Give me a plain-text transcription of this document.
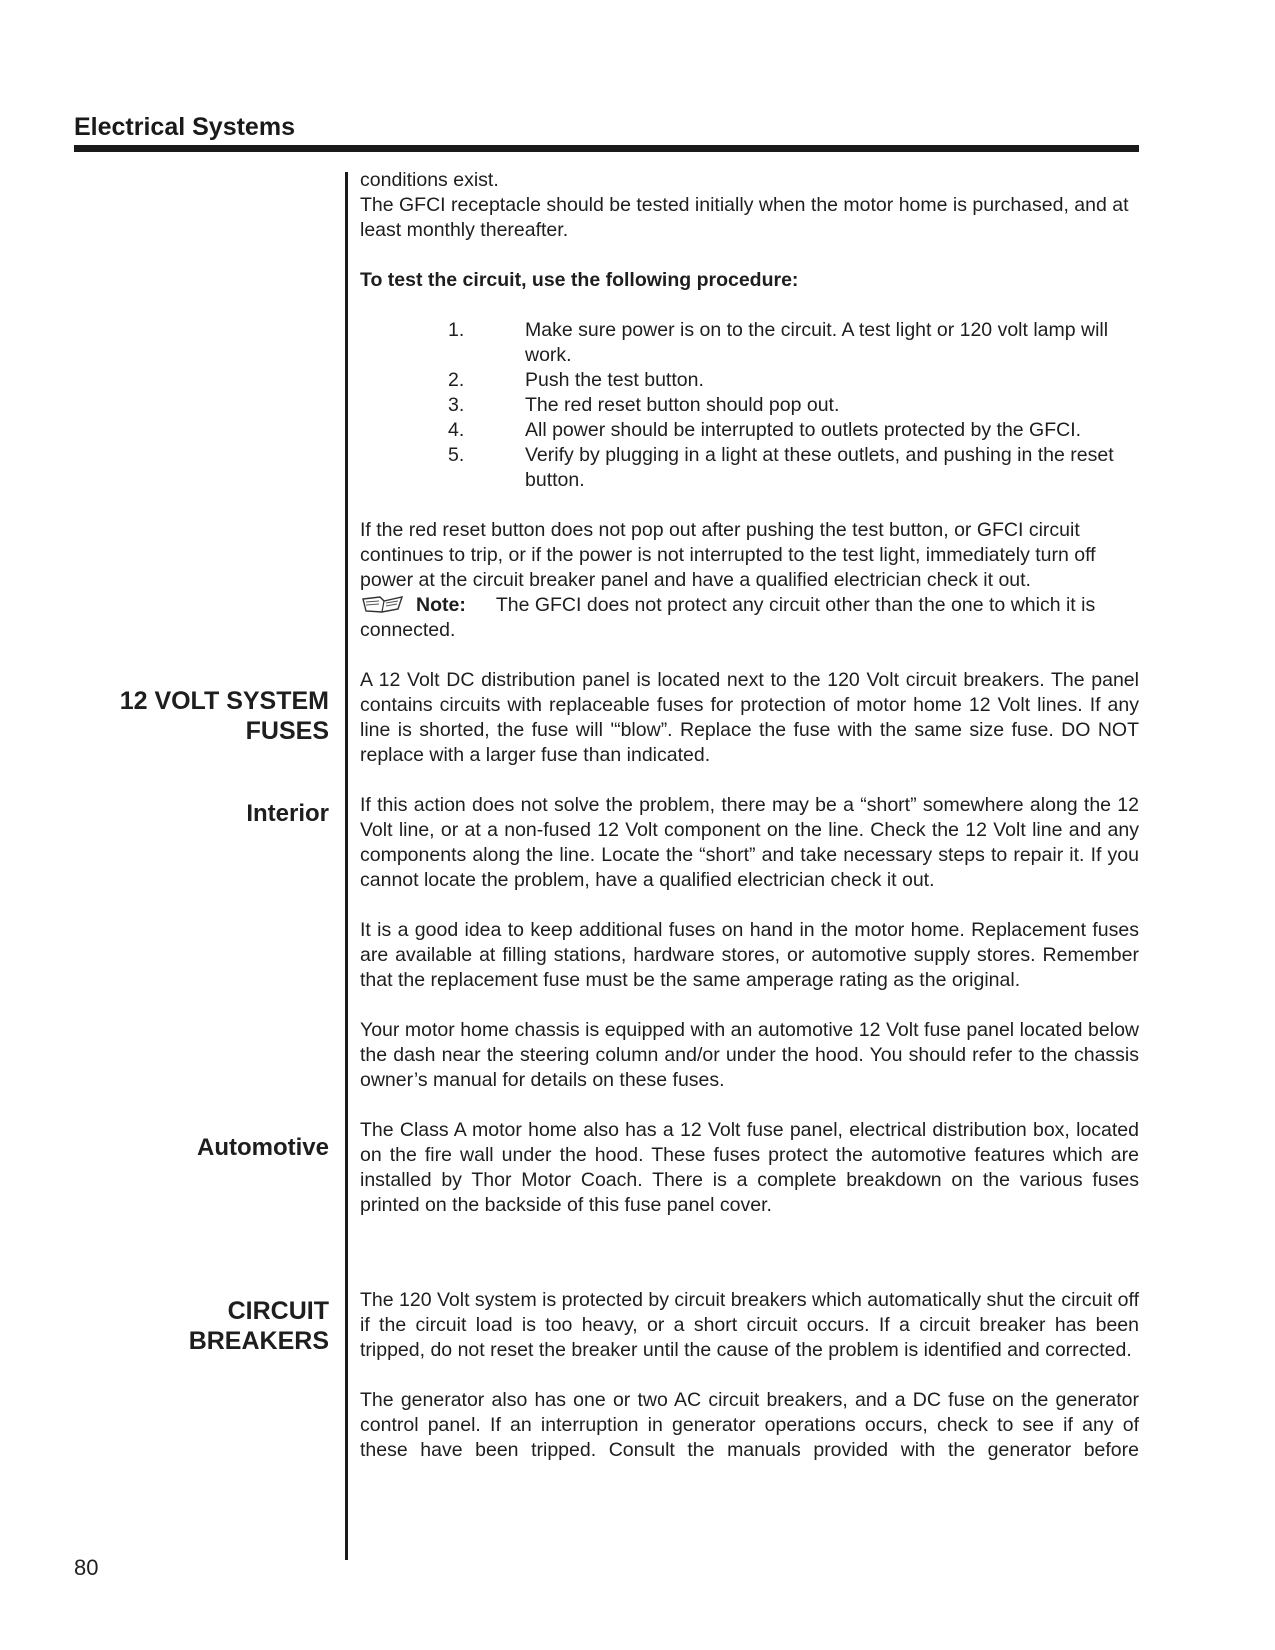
Electrical Systems
12 VOLT SYSTEM FUSES
Interior
Automotive
CIRCUIT
BREAKERS

conditions exist.

The GFCI receptacle should be tested initially when the motor home is purchased, and at least monthly thereafter.

To test the circuit, use the following procedure:

1.	Make sure power is on to the circuit. A test light or 120 volt lamp will work.
2.	Push the test button.
3.	The red reset button should pop out.
4.	All power should be interrupted to outlets protected by the GFCI.
5.	Verify by plugging in a light at these outlets, and pushing in the reset button.

If the red reset button does not pop out after pushing the test button, or GFCI circuit continues to trip, or if the power is not interrupted to the test light, immediately turn off power at the circuit breaker panel and have a qualified electrician check it out.

Note: The GFCI does not protect any circuit other than the one to which it is connected.

A 12 Volt DC distribution panel is located next to the 120 Volt circuit breakers. The panel contains circuits with replaceable fuses for protection of motor home 12 Volt lines. If any line is shorted, the fuse will '“blow”. Replace the fuse with the same size fuse. DO NOT replace with a larger fuse than indicated.

If this action does not solve the problem, there may be a “short” somewhere along the 12 Volt line, or at a non-fused 12 Volt component on the line. Check the 12 Volt line and any components along the line. Locate the “short” and take necessary steps to repair it. If you cannot locate the problem, have a qualified electrician check it out.

It is a good idea to keep additional fuses on hand in the motor home. Replacement fuses are available at filling stations, hardware stores, or automotive supply stores. Remember that the replacement fuse must be the same amperage rating as the original.

Your motor home chassis is equipped with an automotive 12 Volt fuse panel located below the dash near the steering column and/or under the hood. You should refer to the chassis owner’s manual for details on these fuses.

The Class A motor home also has a 12 Volt fuse panel, electrical distribution box, located on the fire wall under the hood. These fuses protect the automotive features which are installed by Thor Motor Coach. There is a complete breakdown on the various fuses printed on the backside of this fuse panel cover.

The 120 Volt system is protected by circuit breakers which automatically shut the circuit off if the circuit load is too heavy, or a short circuit occurs. If a circuit breaker has been tripped, do not reset the breaker until the cause of the problem is identified and corrected.

The generator also has one or two AC circuit breakers, and a DC fuse on the generator control panel. If an interruption in generator operations occurs, check to see if any of these have been tripped. Consult the manuals provided with the generator before

80
